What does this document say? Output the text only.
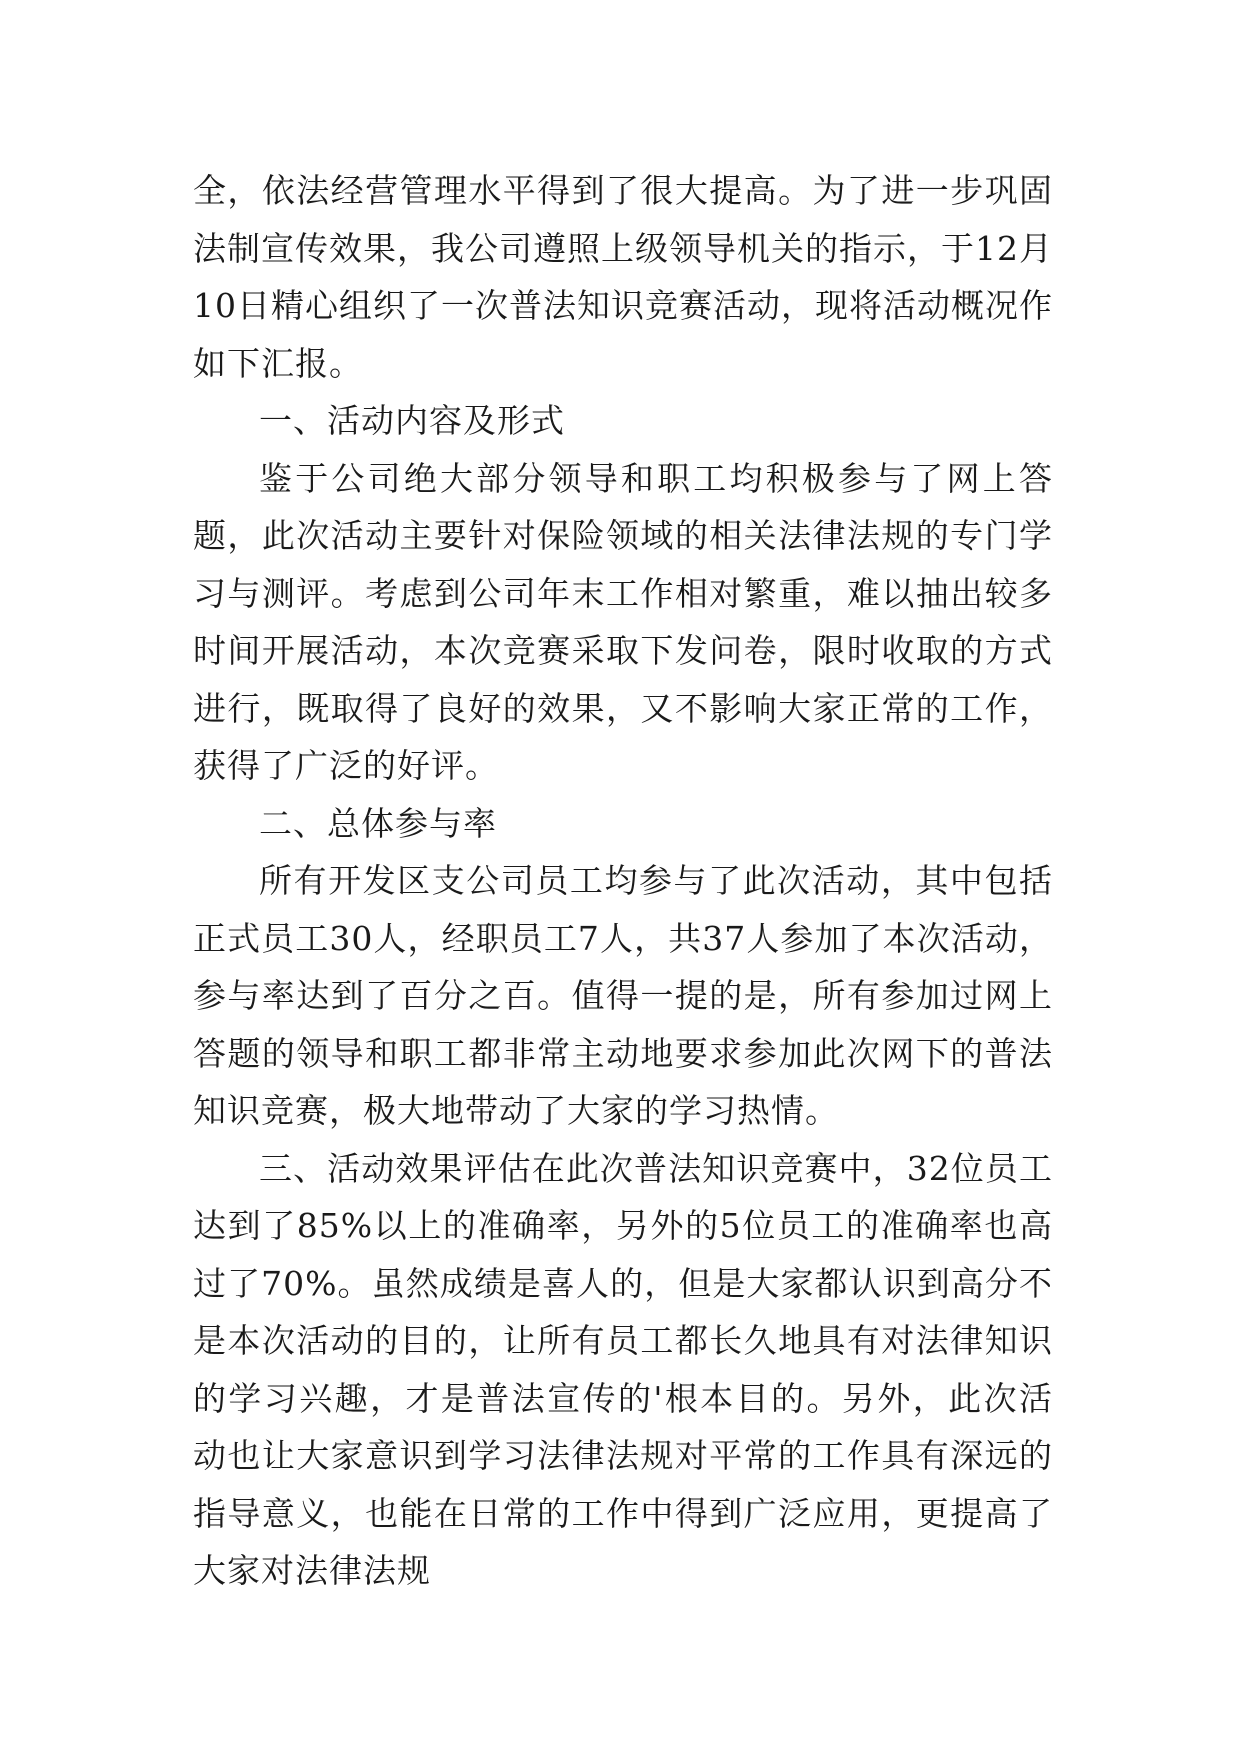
全，依法经营管理水平得到了很大提高。为了进一步巩固法制宣传效果，我公司遵照上级领导机关的指示，于12月10日精心组织了一次普法知识竞赛活动，现将活动概况作如下汇报。

一、活动内容及形式

鉴于公司绝大部分领导和职工均积极参与了网上答题，此次活动主要针对保险领域的相关法律法规的专门学习与测评。考虑到公司年末工作相对繁重，难以抽出较多时间开展活动，本次竞赛采取下发问卷，限时收取的方式进行，既取得了良好的效果，又不影响大家正常的工作，获得了广泛的好评。

二、总体参与率

所有开发区支公司员工均参与了此次活动，其中包括正式员工30人，经职员工7人，共37人参加了本次活动，参与率达到了百分之百。值得一提的是，所有参加过网上答题的领导和职工都非常主动地要求参加此次网下的普法知识竞赛，极大地带动了大家的学习热情。

三、活动效果评估在此次普法知识竞赛中，32位员工达到了85%以上的准确率，另外的5位员工的准确率也高过了70%。虽然成绩是喜人的，但是大家都认识到高分不是本次活动的目的，让所有员工都长久地具有对法律知识的学习兴趣，才是普法宣传的'根本目的。另外，此次活动也让大家意识到学习法律法规对平常的工作具有深远的指导意义，也能在日常的工作中得到广泛应用，更提高了大家对法律法规
